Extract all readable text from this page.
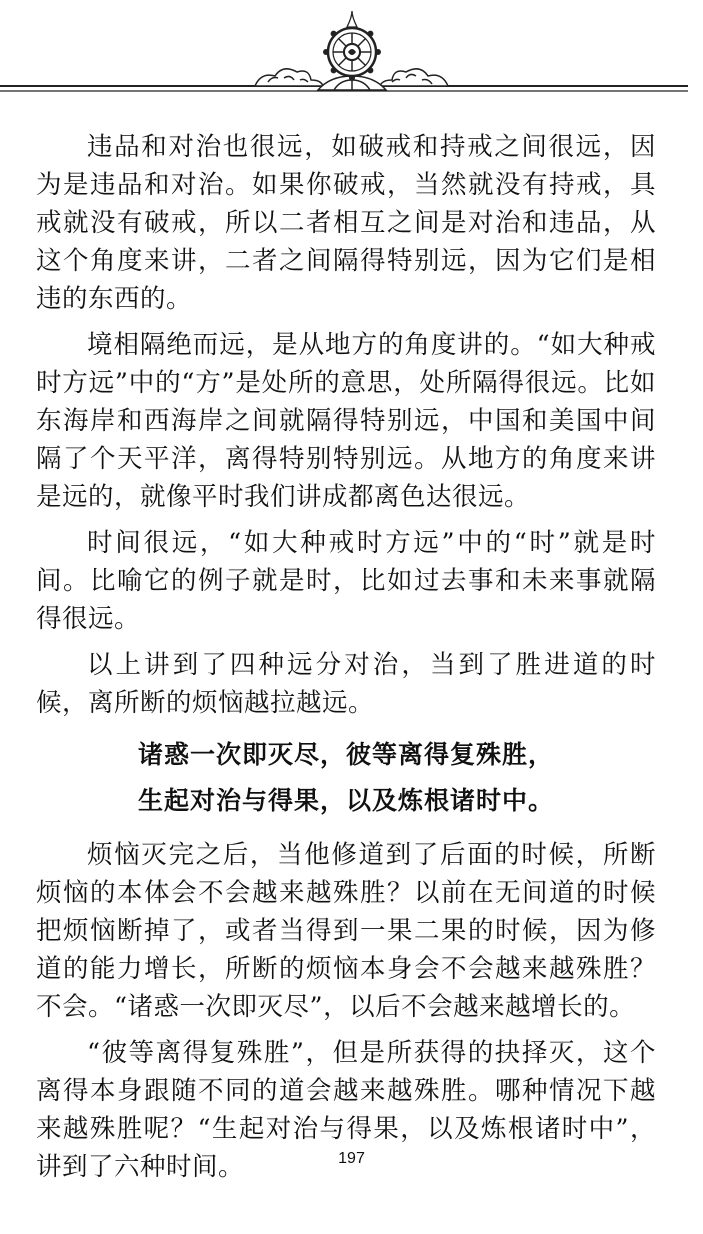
违品和对治也很远，如破戒和持戒之间很远，因为是违品和对治。如果你破戒，当然就没有持戒，具戒就没有破戒，所以二者相互之间是对治和违品，从这个角度来讲，二者之间隔得特别远，因为它们是相违的东西的。

境相隔绝而远，是从地方的角度讲的。“如大种戒时方远”中的“方”是处所的意思，处所隔得很远。比如东海岸和西海岸之间就隔得特别远，中国和美国中间隔了个天平洋，离得特别特别远。从地方的角度来讲是远的，就像平时我们讲成都离色达很远。

时间很远，“如大种戒时方远”中的“时”就是时间。比喻它的例子就是时，比如过去事和未来事就隔得很远。

以上讲到了四种远分对治，当到了胜进道的时候，离所断的烦恼越拉越远。

诸惑一次即灭尽，彼等离得复殊胜，
生起对治与得果，以及炼根诸时中。

烦恼灭完之后，当他修道到了后面的时候，所断烦恼的本体会不会越来越殊胜？以前在无间道的时候把烦恼断掉了，或者当得到一果二果的时候，因为修道的能力增长，所断的烦恼本身会不会越来越殊胜？不会。“诸惑一次即灭尽”，以后不会越来越增长的。

“彼等离得复殊胜”，但是所获得的抉择灭，这个离得本身跟随不同的道会越来越殊胜。哪种情况下越来越殊胜呢？“生起对治与得果，以及炼根诸时中”，讲到了六种时间。	197
